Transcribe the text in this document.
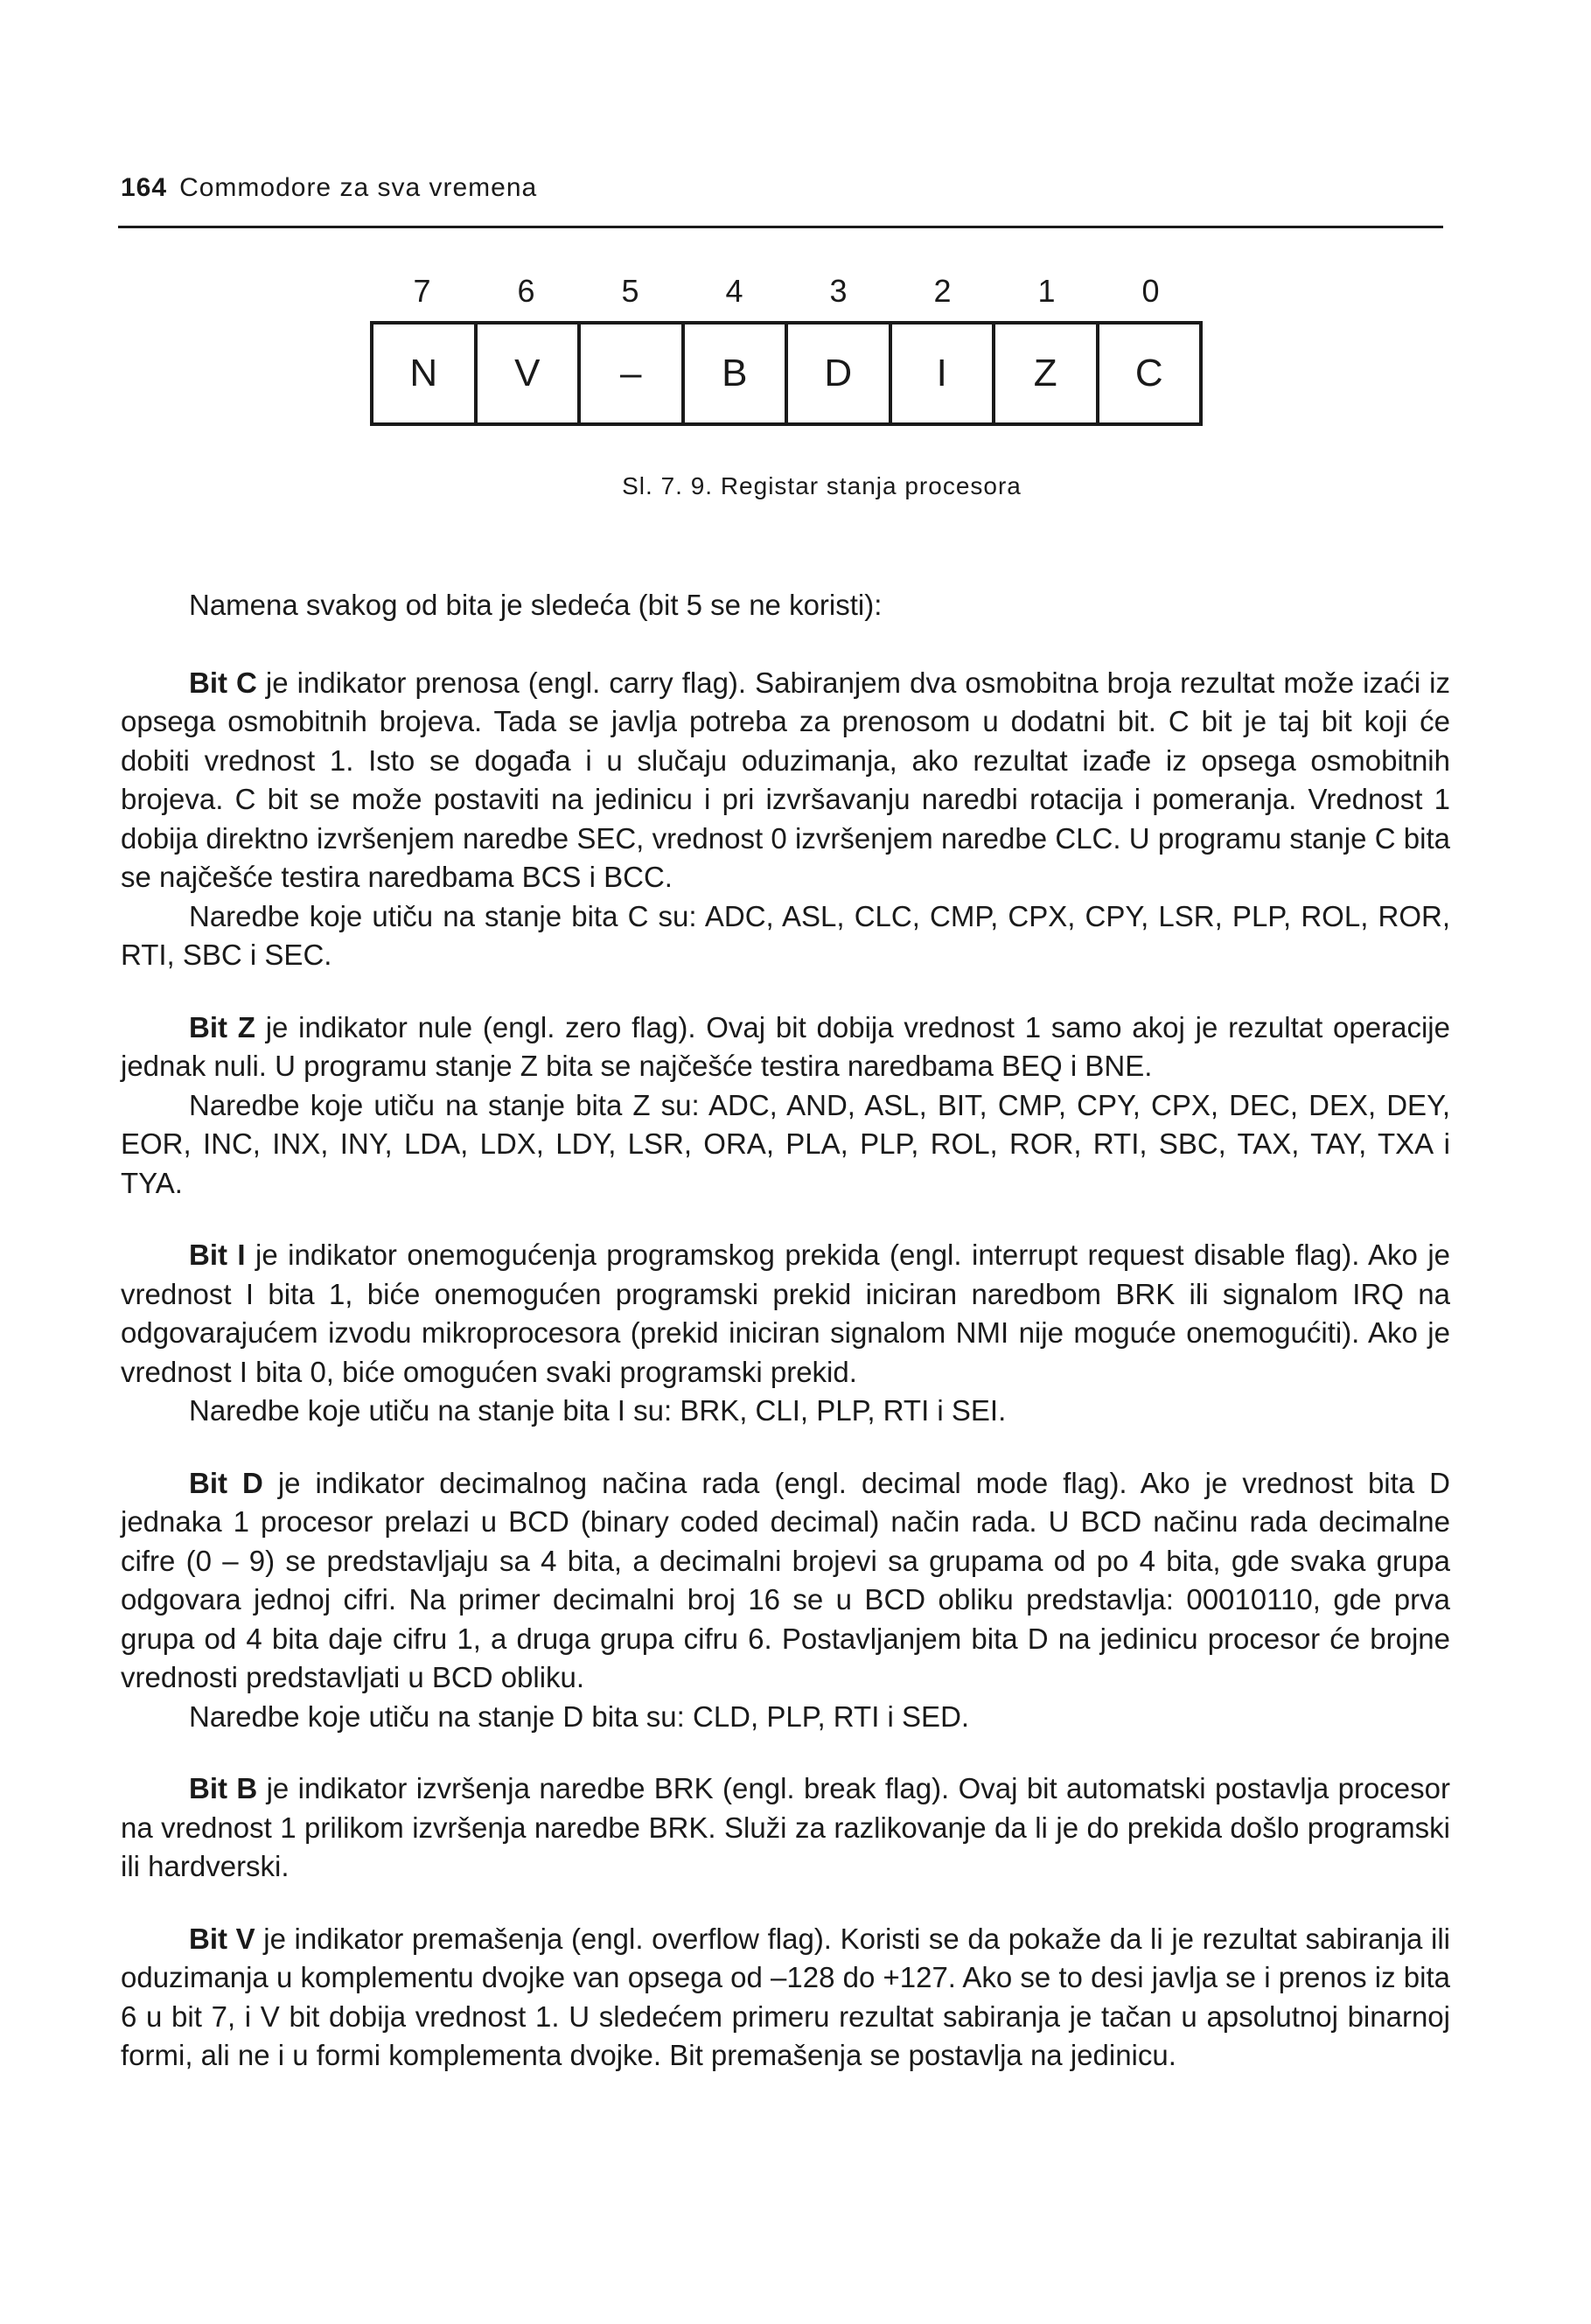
164 Commodore za sva vremena
7	6	5	4	3	2	1	0
N	V	–	B	D	I	Z	C
Sl. 7. 9. Registar stanja procesora

Namena svakog od bita je sledeća (bit 5 se ne koristi):

Bit C je indikator prenosa (engl. carry flag). Sabiranjem dva osmobitna broja rezultat može izaći iz opsega osmobitnih brojeva. Tada se javlja potreba za prenosom u dodatni bit. C bit je taj bit koji će dobiti vrednost 1. Isto se događa i u slučaju oduzimanja, ako rezultat izađe iz opsega osmobitnih brojeva. C bit se može postaviti na jedinicu i pri izvršavanju naredbi rotacija i pomeranja. Vrednost 1 dobija direktno izvršenjem naredbe SEC, vrednost 0 izvršenjem naredbe CLC. U programu stanje C bita se najčešće testira naredbama BCS i BCC.

Naredbe koje utiču na stanje bita C su: ADC, ASL, CLC, CMP, CPX, CPY, LSR, PLP, ROL, ROR, RTI, SBC i SEC.

Bit Z je indikator nule (engl. zero flag). Ovaj bit dobija vrednost 1 samo akoj je rezultat operacije jednak nuli. U programu stanje Z bita se najčešće testira naredbama BEQ i BNE.

Naredbe koje utiču na stanje bita Z su: ADC, AND, ASL, BIT, CMP, CPY, CPX, DEC, DEX, DEY, EOR, INC, INX, INY, LDA, LDX, LDY, LSR, ORA, PLA, PLP, ROL, ROR, RTI, SBC, TAX, TAY, TXA i TYA.

Bit I je indikator onemogućenja programskog prekida (engl. interrupt request disable flag). Ako je vrednost I bita 1, biće onemogućen programski prekid iniciran naredbom BRK ili signalom IRQ na odgovarajućem izvodu mikroprocesora (prekid iniciran signalom NMI nije moguće onemogućiti). Ako je vrednost I bita 0, biće omogućen svaki programski prekid.

Naredbe koje utiču na stanje bita I su: BRK, CLI, PLP, RTI i SEI.

Bit D je indikator decimalnog načina rada (engl. decimal mode flag). Ako je vrednost bita D jednaka 1 procesor prelazi u BCD (binary coded decimal) način rada. U BCD načinu rada decimalne cifre (0 – 9) se predstavljaju sa 4 bita, a decimalni brojevi sa grupama od po 4 bita, gde svaka grupa odgovara jednoj cifri. Na primer decimalni broj 16 se u BCD obliku predstavlja: 00010110, gde prva grupa od 4 bita daje cifru 1, a druga grupa cifru 6. Postavljanjem bita D na jedinicu procesor će brojne vrednosti predstavljati u BCD obliku.

Naredbe koje utiču na stanje D bita su: CLD, PLP, RTI i SED.

Bit B je indikator izvršenja naredbe BRK (engl. break flag). Ovaj bit automatski postavlja procesor na vrednost 1 prilikom izvršenja naredbe BRK. Služi za razlikovanje da li je do prekida došlo programski ili hardverski.

Bit V je indikator premašenja (engl. overflow flag). Koristi se da pokaže da li je rezultat sabiranja ili oduzimanja u komplementu dvojke van opsega od –128 do +127. Ako se to desi javlja se i prenos iz bita 6 u bit 7, i V bit dobija vrednost 1. U sledećem primeru rezultat sabiranja je tačan u apsolutnoj binarnoj formi, ali ne i u formi komplementa dvojke. Bit premašenja se postavlja na jedinicu.
